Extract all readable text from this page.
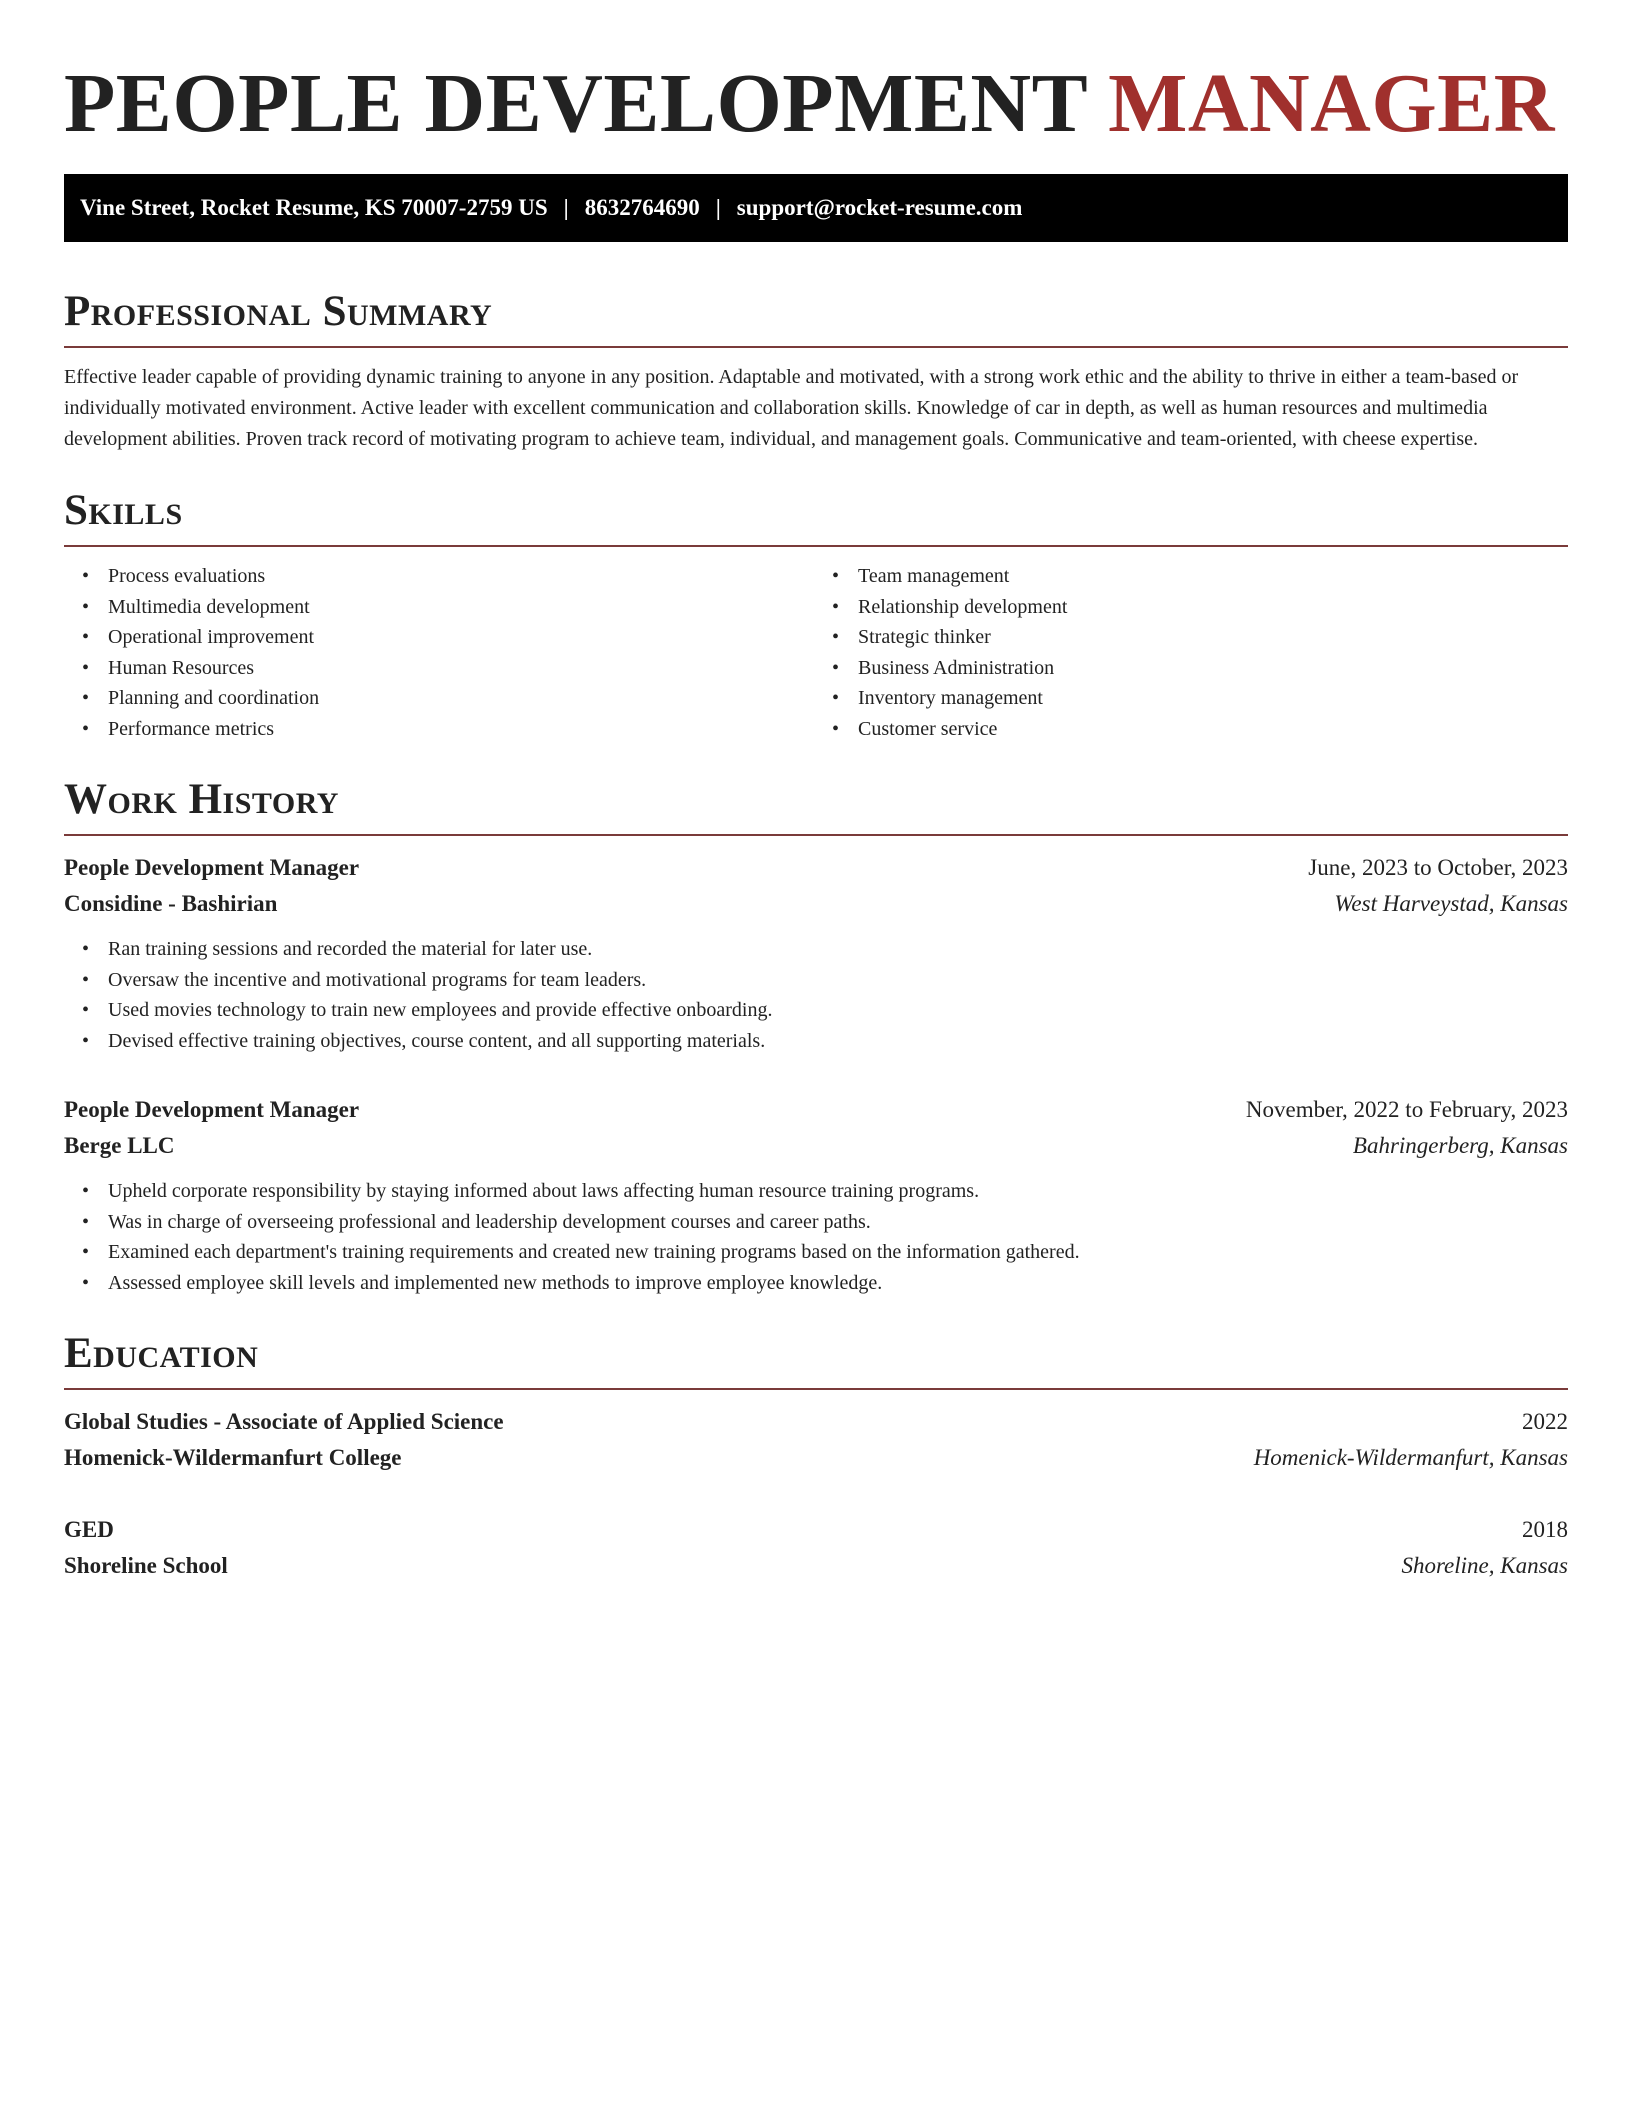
PEOPLE DEVELOPMENT MANAGER
Vine Street, Rocket Resume, KS 70007-2759 US | 8632764690 | support@rocket-resume.com
Professional Summary

Effective leader capable of providing dynamic training to anyone in any position. Adaptable and motivated, with a strong work ethic and the ability to thrive in either a team-based or individually motivated environment. Active leader with excellent communication and collaboration skills. Knowledge of car in depth, as well as human resources and multimedia development abilities. Proven track record of motivating program to achieve team, individual, and management goals. Communicative and team-oriented, with cheese expertise.

Skills
• Process evaluations
• Multimedia development
• Operational improvement
• Human Resources
• Planning and coordination
• Performance metrics
• Team management
• Relationship development
• Strategic thinker
• Business Administration
• Inventory management
• Customer service
Work History
People Development Manager	June, 2023 to October, 2023
Considine - Bashirian	West Harveystad, Kansas
• Ran training sessions and recorded the material for later use.
• Oversaw the incentive and motivational programs for team leaders.
• Used movies technology to train new employees and provide effective onboarding.
• Devised effective training objectives, course content, and all supporting materials.
People Development Manager	November, 2022 to February, 2023
Berge LLC	Bahringerberg, Kansas
• Upheld corporate responsibility by staying informed about laws affecting human resource training programs.
• Was in charge of overseeing professional and leadership development courses and career paths.
• Examined each department's training requirements and created new training programs based on the information gathered.
• Assessed employee skill levels and implemented new methods to improve employee knowledge.
Education
Global Studies - Associate of Applied Science	2022
Homenick-Wildermanfurt College	Homenick-Wildermanfurt, Kansas
GED	2018
Shoreline School	Shoreline, Kansas
